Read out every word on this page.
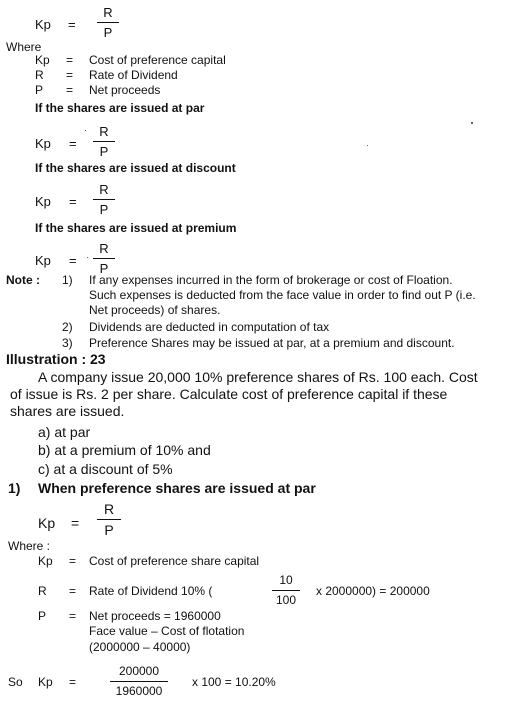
Kp =
R
P
Where
Kp = Cost of preference capital
R = Rate of Dividend
P = Net proceeds
If the shares are issued at par
Kp =
R
P
If the shares are issued at discount
Kp =
R
P
If the shares are issued at premium
Kp =
R
P
Note : 1) If any expenses incurred in the form of brokerage or cost of Floation.
Such expenses is deducted from the face value in order to find out P (i.e.
Net proceeds) of shares.
2) Dividends are deducted in computation of tax
3) Preference Shares may be issued at par, at a premium and discount.
Illustration : 23
A company issue 20,000 10% preference shares of Rs. 100 each. Cost
of issue is Rs. 2 per share. Calculate cost of preference capital if these
shares are issued.
a) at par
b) at a premium of 10% and
c) at a discount of 5%
1) When preference shares are issued at par
Kp =
R
P
Where :
Kp = Cost of preference share capital
R = Rate of Dividend 10% (
10
100
x 2000000) = 200000
P = Net proceeds = 1960000
Face value – Cost of flotation
(2000000 – 40000)
So Kp =
200000
1960000
x 100 = 10.20%
